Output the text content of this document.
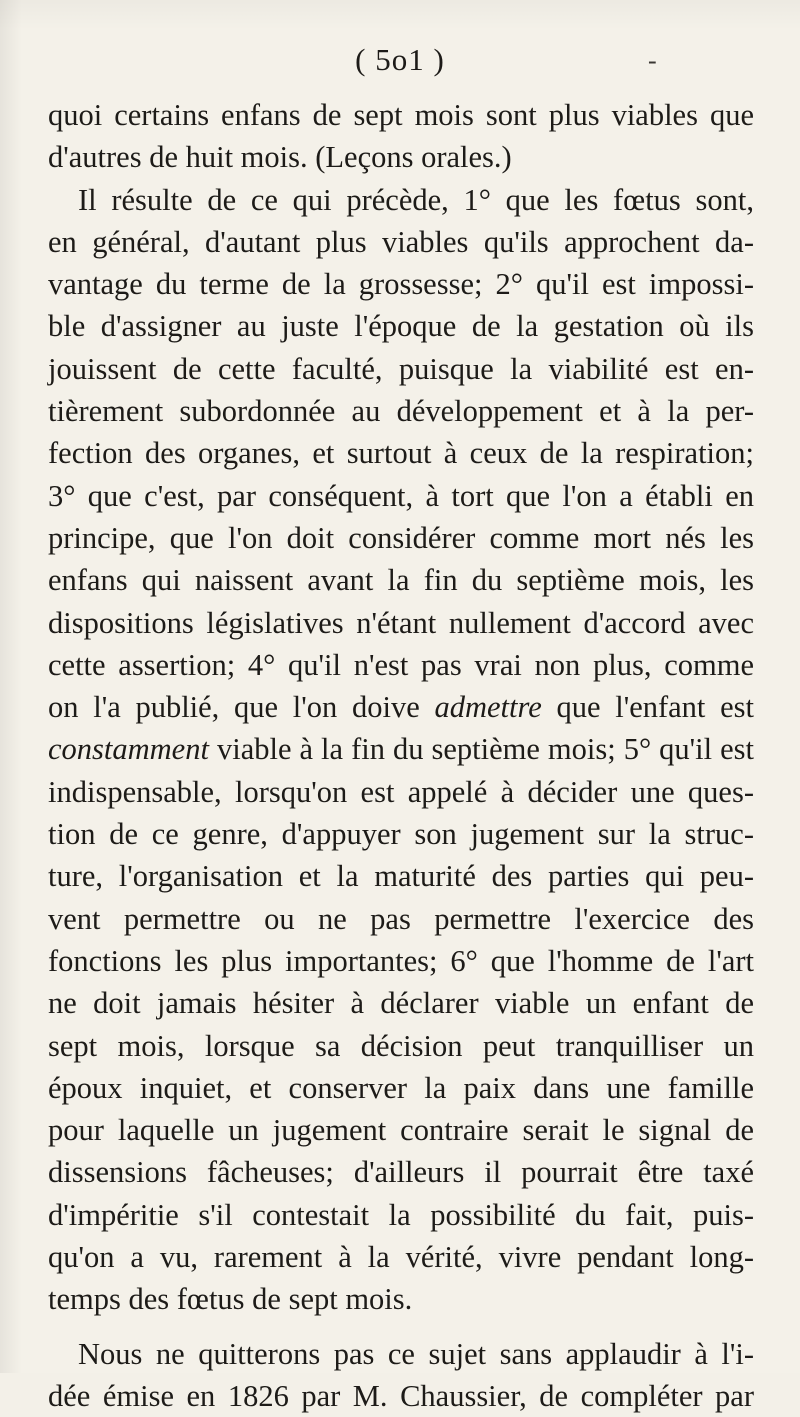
( 5o1 )	-
quoi certains enfans de sept mois sont plus viables que
d'autres de huit mois. (Leçons orales.)
Il résulte de ce qui précède, 1° que les fœtus sont,
en général, d'autant plus viables qu'ils approchent da-
vantage du terme de la grossesse; 2° qu'il est impossi-
ble d'assigner au juste l'époque de la gestation où ils
jouissent de cette faculté, puisque la viabilité est en-
tièrement subordonnée au développement et à la per-
fection des organes, et surtout à ceux de la respiration;
3° que c'est, par conséquent, à tort que l'on a établi en
principe, que l'on doit considérer comme mort nés les
enfans qui naissent avant la fin du septième mois, les
dispositions législatives n'étant nullement d'accord avec
cette assertion; 4° qu'il n'est pas vrai non plus, comme
on l'a publié, que l'on doive admettre que l'enfant est
constamment viable à la fin du septième mois; 5° qu'il est
indispensable, lorsqu'on est appelé à décider une ques-
tion de ce genre, d'appuyer son jugement sur la struc-
ture, l'organisation et la maturité des parties qui peu-
vent permettre ou ne pas permettre l'exercice des
fonctions les plus importantes; 6° que l'homme de l'art
ne doit jamais hésiter à déclarer viable un enfant de
sept mois, lorsque sa décision peut tranquilliser un
époux inquiet, et conserver la paix dans une famille
pour laquelle un jugement contraire serait le signal de
dissensions fâcheuses; d'ailleurs il pourrait être taxé
d'impéritie s'il contestait la possibilité du fait, puis-
qu'on a vu, rarement à la vérité, vivre pendant long-
temps des fœtus de sept mois.
Nous ne quitterons pas ce sujet sans applaudir à l'i-
dée émise en 1826 par M. Chaussier, de compléter par
